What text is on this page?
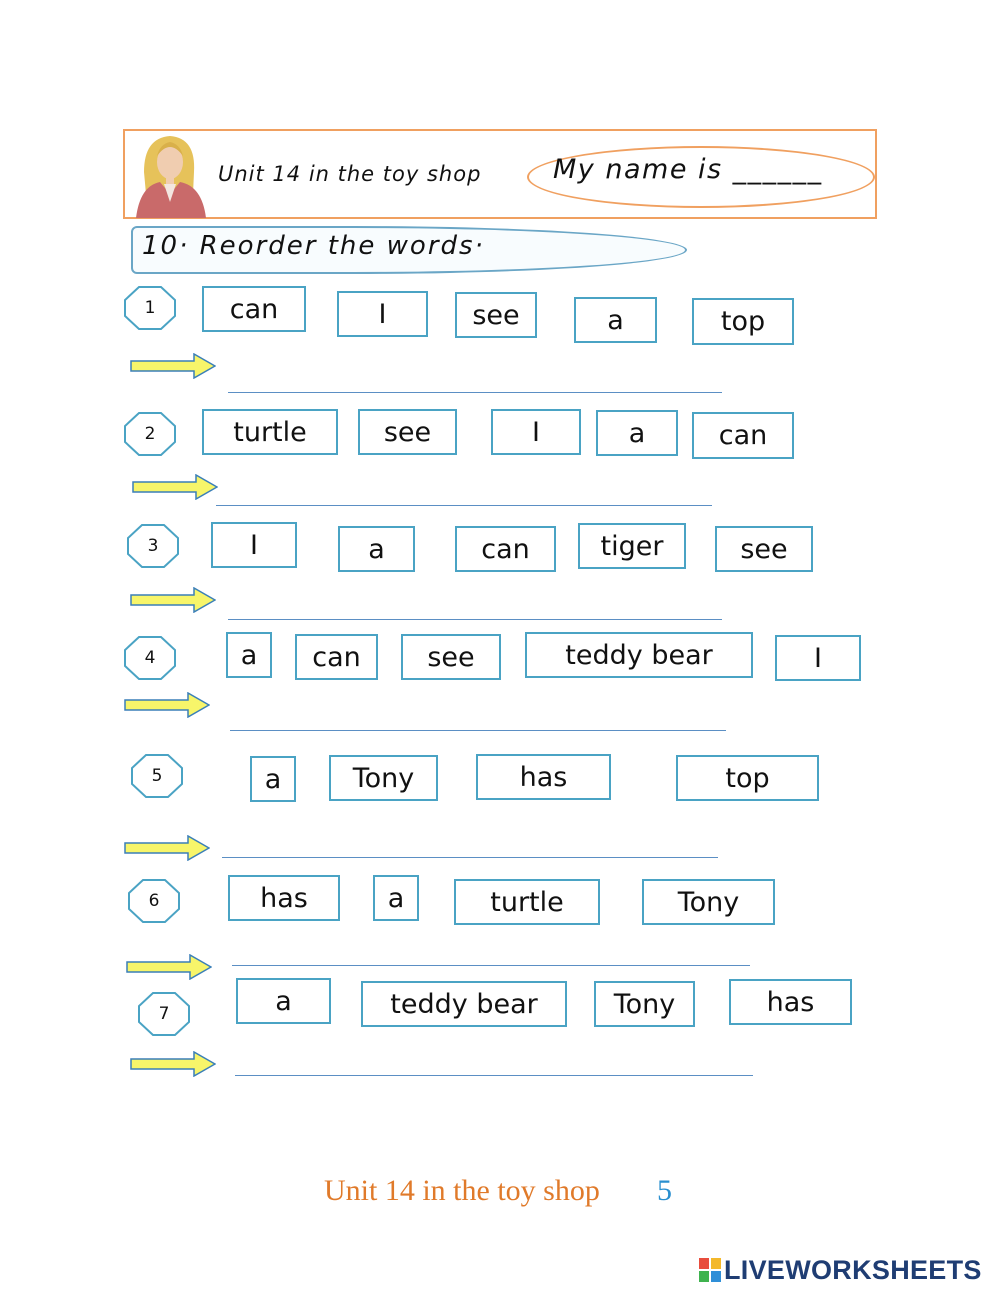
Unit 14 in the toy shop	My name is ______
10· Reorder the words·
1	can	I	see	a	top
2	turtle	see	I	a	can
3	I	a	can	tiger	see
4	a	can	see	teddy bear	I
5	a	Tony	has	top
6	has	a	turtle	Tony
7	a	teddy bear	Tony	has
Unit 14 in the toy shop 5
LIVEWORKSHEETS
